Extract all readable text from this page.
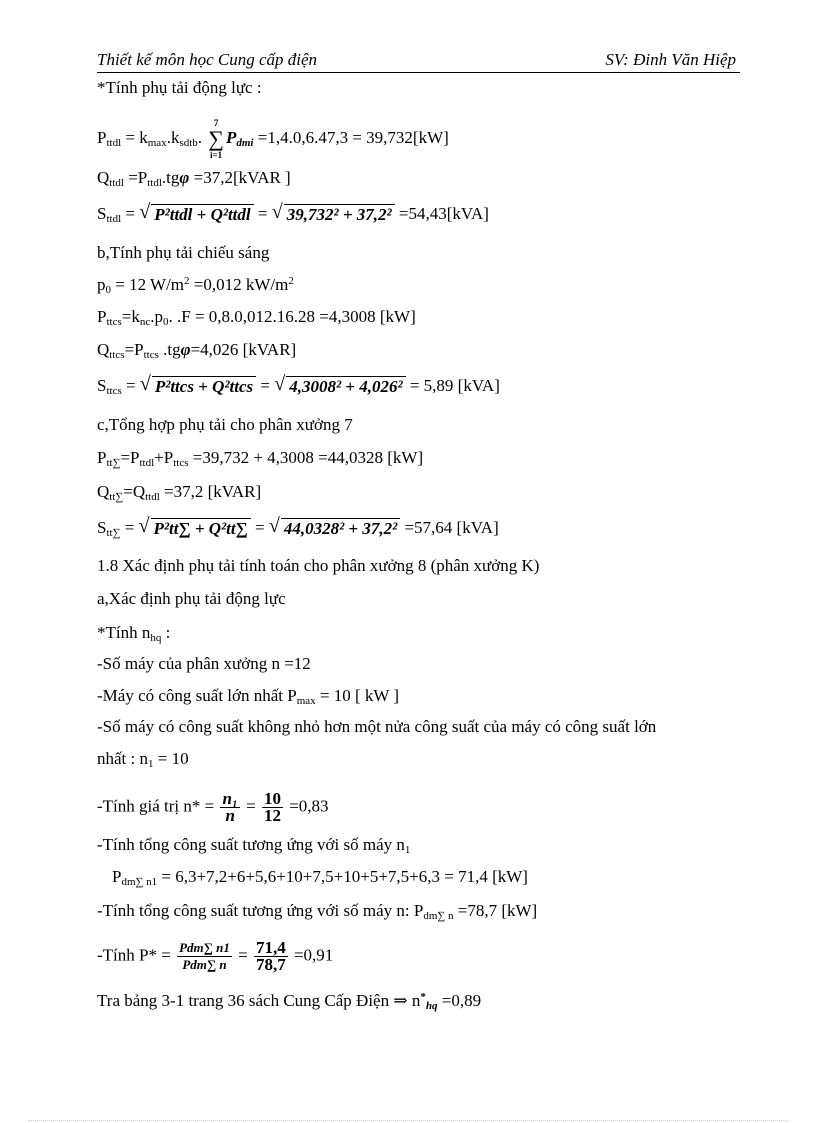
Thiết kế môn học Cung cấp điện	SV: Đinh Văn Hiệp
*Tính phụ tải động lực :
$P_{ttdl} = k_{max}.k_{sdtb}$.
7
∑
i=1
$P_{dmi} =1,4.0,6.47,3 = 39,732[kW]$
$Q_{ttdl} =P_{ttdl}.tg\varphi$ =37,2[kVAR ]
$S_{ttdl}$ = √ P²ttdl + Q²ttdl = √ 39,732² + 37,2² =54,43[kVA]
b,Tính phụ tải chiếu sáng
$p_0 = 12$ $W/m^2 =0,012$ $kW/m^2$
$P_{ttcs}=k_{nc}.p_0$. .F = 0,8.0,012.16.28 =4,3008 [kW]
$Q_{ttcs}=P_{ttcs}$ .tgφ=4,026 [kVAR]
$S_{ttcs}$ = √ P²ttcs + Q²ttcs = √ 4,3008² + 4,026² = 5,89 [kVA]
c,Tổng hợp phụ tải cho phân xưởng 7
$P_{tt\sum}=P_{ttdl}+P_{ttcs} =39,732 + 4,3008 =44,0328$ [kW]
$Q_{tt\sum}=Q_{ttdl} =37,2$ [kVAR]
$S_{tt\sum}$ = √ P²tt∑ + Q²tt∑ = √ 44,0328² + 37,2² =57,64 [kVA]
1.8 Xác định phụ tải tính toán cho phân xưởng 8 (phân xưởng K)
a,Xác định phụ tải động lực
*Tính $n_{hq}$ :
-Số máy của phân xưởng n =12
-Máy có công suất lớn nhất $P_{max} = 10$ [ kW ]
-Số máy có công suất không nhỏ hơn một nửa công suất của máy có công suất lớn
nhất : $n_1 = 10$
-Tính giá trị $n* = \frac{\text{n₁}}{n} = \frac{10}{12} =0,83$
-Tính tổng công suất tương ứng với số máy $n_1$
$P_{dm\sum n1} = 6,3+7,2+6+5,6+10+7,5+10+5+7,5+6,3 = 71,4$ [kW]
-Tính tổng công suất tương ứng với số máy n: $P_{dm\sum n} =78,7$ [kW]
-Tính $P* = \frac{\text{Pdm∑ n1}}{\text{Pdm∑ n}} = \frac{71,4}{78,7} =0,91$
Tra bảng 3-1 trang 36 sách Cung Cấp Điện ⇒ $n^*_{hq} =0,89$
